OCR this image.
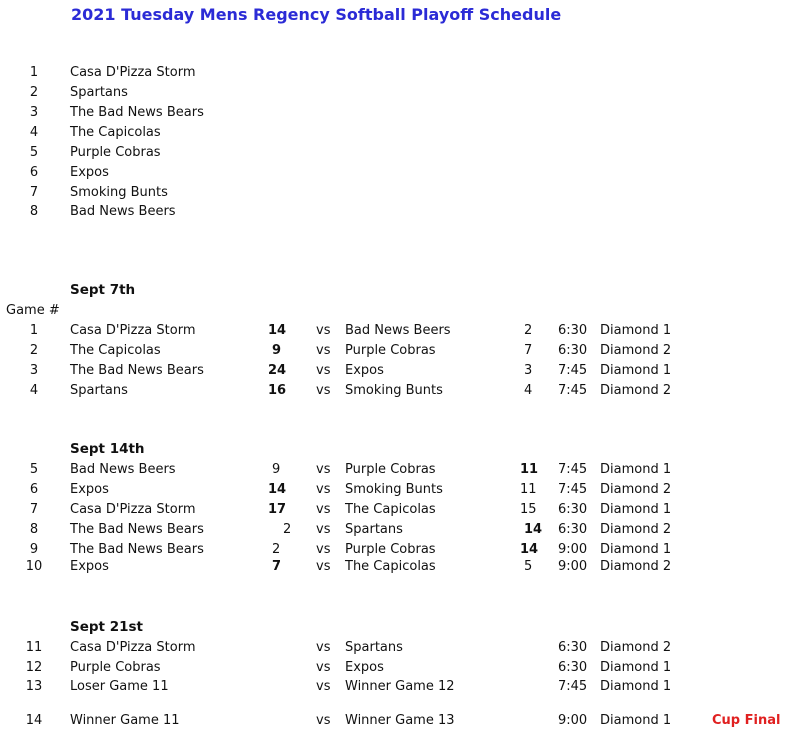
2021 Tuesday Mens Regency Softball Playoff Schedule
1	Casa D'Pizza Storm
2	Spartans
3	The Bad News Bears
4	The Capicolas
5	Purple Cobras
6	Expos
7	Smoking Bunts
8	Bad News Beers
Sept 7th
Game #
1	Casa D'Pizza Storm	14 vs Bad News Beers	2 6:30 Diamond 1
2	The Capicolas	9	vs Purple Cobras	7 6:30 Diamond 2
3	The Bad News Bears	24 vs Expos	3 7:45 Diamond 1
4	Spartans	16 vs Smoking Bunts	4 7:45 Diamond 2
Sept 14th
5	Bad News Beers	9	vs Purple Cobras	11 7:45 Diamond 1
6	Expos	14 vs Smoking Bunts	11 7:45 Diamond 2
7	Casa D'Pizza Storm	17 vs The Capicolas	15 6:30 Diamond 1
8	The Bad News Bears	2 vs Spartans	14 6:30 Diamond 2
9	The Bad News Bears	2	vs Purple Cobras	14 9:00 Diamond 1
10 Expos	7	vs The Capicolas	5 9:00 Diamond 2
Sept 21st
11 Casa D'Pizza Storm	vs Spartans	6:30 Diamond 2
12 Purple Cobras	vs Expos	6:30 Diamond 1
13 Loser Game 11	vs Winner Game 12	7:45 Diamond 1
14 Winner Game 11	vs Winner Game 13	9:00 Diamond 1	Cup Final
